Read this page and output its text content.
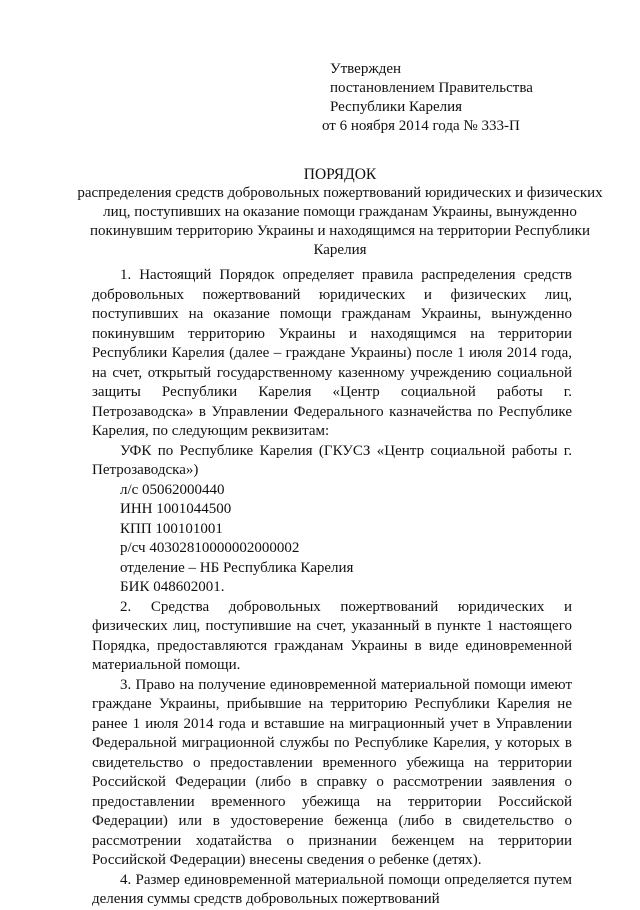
Утвержден
постановлением Правительства
Республики Карелия
от 6 ноября 2014 года № 333-П
ПОРЯДОК
распределения средств добровольных пожертвований юридических и физических лиц, поступивших на оказание помощи гражданам Украины, вынужденно покинувшим территорию Украины и находящимся на территории Республики Карелия

1. Настоящий Порядок определяет правила распределения средств добровольных пожертвований юридических и физических лиц, поступивших на оказание помощи гражданам Украины, вынужденно покинувшим территорию Украины и находящимся на территории Республики Карелия (далее – граждане Украины) после 1 июля 2014 года, на счет, открытый государственному казенному учреждению социальной защиты Республики Карелия «Центр социальной работы г. Петрозаводска» в Управлении Федерального казначейства по Республике Карелия, по следующим реквизитам:

УФК по Республике Карелия (ГКУСЗ «Центр социальной работы г. Петрозаводска»)

л/с 05062000440

ИНН 1001044500

КПП 100101001

р/сч 40302810000002000002

отделение – НБ Республика Карелия

БИК 048602001.

2. Средства добровольных пожертвований юридических и физических лиц, поступившие на счет, указанный в пункте 1 настоящего Порядка, предоставляются гражданам Украины в виде единовременной материальной помощи.

3. Право на получение единовременной материальной помощи имеют граждане Украины, прибывшие на территорию Республики Карелия не ранее 1 июля 2014 года и вставшие на миграционный учет в Управлении Федеральной миграционной службы по Республике Карелия, у которых в свидетельство о предоставлении временного убежища на территории Российской Федерации (либо в справку о рассмотрении заявления о предоставлении временного убежища на территории Российской Федерации) или в удостоверение беженца (либо в свидетельство о рассмотрении ходатайства о признании беженцем на территории Российской Федерации) внесены сведения о ребенке (детях).

4. Размер единовременной материальной помощи определяется путем деления суммы средств добровольных пожертвований
